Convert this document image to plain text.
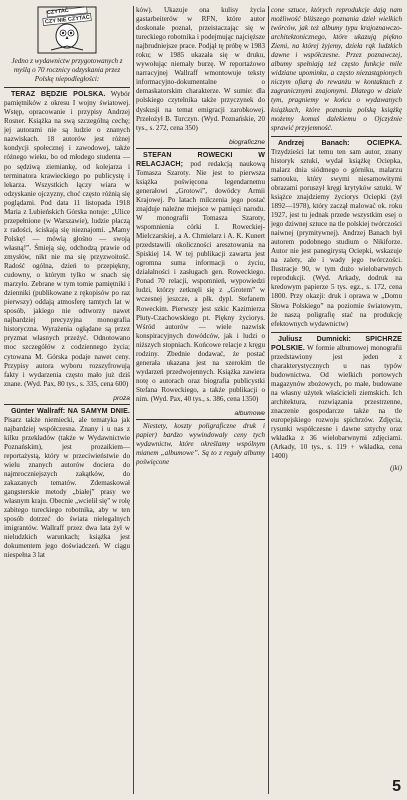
CZYTAĆ
CZY NIE CZYTAĆ

Jedno z wydawnictw przygotowanych z myślą o 70 rocznicy odzyskania przez Polskę niepodległości:

TERAZ BĘDZIE POLSKA. Wybór pamiętników z okresu I wojny światowej. Wstęp, opracowanie i przypisy Andrzej Rosner. Książka na swą szczególną cechę; jej autorami nie są ludzie o znanych nazwiskach. 18 autorów jest różnej kondycji społecznej i zawodowej, także różnego wieku, bo od młodego studenta — po sędziwą ziemiankę, od kolejarza i terminatora krawieckiego po publicystę i lekarza. Wszystkich łączy wiara w odzyskanie ojczyzny, choć często różnią się poglądami. Pod data 11 listopada 1918 Maria z Lubieńskich Górska notuje: „Ulice przepełnione (w Warszawie), ludzie płaczą z radości, ściskają się nieznajomi. „Mamy Polskę! — mówią głośno — swoją własną!”. Śmieją się, odchodzą prawie od zmysłów, nikt nie ma się przyzwoitość. Radość ogólna, dzień to przepiękny, cudowny, o którym tylko w snach się marzyło. Zebrane w tym tomie pamiętniki i dzienniki (publikowane z rękopisów po raz pierwszy) oddają atmosferę tamtych lat w sposób, jakiego nie odtworzy nawet najbardziej precyzyjna monografia historyczna. Wyrażenia ogłądane są przez pryzmat własnych przeżyć. Odnotowano moc szczegółów z codziennego życia; cytowana M. Górska podaje nawet ceny. Przypisy autora wyboru rozszyfrowują fakty i wydarzenia często mało już dziś znane. (Wyd. Pax, 80 tys., s. 335, cena 600)

proza

Günter Wallraff: NA SAMYM DNIE. Pisarz także niemiecki, ale tematyka jak najbardziej współczesna. Znany i u nas z kilku przekładów (także w Wydawnictwie Poznańskim), jest prozaikiem—reportażystą, który w przeciwieństwie do wielu znanych autorów dociera do najmroczniejszych zakątków, do zakazanych tematów. Zdemaskował gangsterskie metody „białej” prasy we własnym kraju. Obecnie „wcielił się” w rolę zabitego tureckiego robotnika, aby w ten sposób dotrzeć do świata nielegalnych imigrantów. Wallraff przez dwa lata żył w nieludzkich warunkach; książka jest dokumentem jego doświadczeń. W ciągu niespełna 3 lat

ków). Ukazuje ona kulisy życia gastarbeiterów w RFN, które autor doskonale poznał, przeistaczając się w tureckiego robotnika i podejmując najcięższe najbrudniejsze prace. Podjął tę próbę w 1983 roku; w 1985 ukazała się w druku, wywołując niemały burzę. W reportażowo narracyjnej Wallraff wmontowuje teksty informacyjno-dokumentalne o demaskatorskim charakterze. W sumie: dla polskiego czytelnika także przyczynek do dyskusji na temat emigracji zarobkowej. Przełożył B. Turczyn. (Wyd. Poznańskie, 20 tys., s. 272, cena 350)

biograficzne

STEFAN ROWECKI	W RELACJACH; pod redakcją naukową Tomasza Szaroty. Nie jest to pierwsza książka poświęcona legendarnemu generałowi „Grotowi”, dowódcy Armii Krajowej. Po latach milczenia jego postać znajduje należne miejsce w pamięci narodu. W monografii Tomasza Szaroty, wspomnienia córki I. Roweckiej-Mielczarskiej, a A. Chmielarz i A. K. Kunert przedstawili okoliczności aresztowania na Spiskiej 14. W tej publikacji zawarta jest ogromna suma informacji o życiu, działalności i zasługach gen. Roweckiego. Ponad 70 relacji, wspomnień, wypowiedzi ludzi, którzy zetknęli się z „Grotem” w wczesnej jeszcze, a płk. dypl. Stefanem Roweckim. Pierwszy jest szkic Kazimierza Pluty-Czachowskiego pt. Piękny życiorys. Wśród autorów — wiele nazwisk konspiracyjnych dowódców, jak i ludzi o niższych stopniach. Końcowe relacje z kręgu rodziny. Zbednie dodawać, że postać generała ukazana jest na szerokim tle wydarzeń przedwojennych. Książka zawiera notę o autorach oraz biografia publicystki Stefana Roweckiego, a także publikacji o nim. (Wyd. Pax, 40 tys., s. 386, cena 1350)

albumowe

Niestety, koszty poligraficzne druk i papier) bardzo wywindowały ceny tych wydawnictw, które określamy wspólnym mianem „albumowe”. Są to z reguły albumy poświęcone

cone sztuce, których reprodukcje dają nam możliwość bliższego poznania dzieł wielkich twórców, jak też albumy typu krajoznawczo-architektonicznego, które ukazują piękno Ziemi, na której żyjemy, dzieła rąk ludzkich dawne i współczesne. Przez poznawczej, albumy spełniają też często funkcje mile widziane upominku, a często niezastąpionych niczym ofiarą do rewanżu w kontaktach z zagranicznymi znajomymi. Dlatego w dziale tym, pragniemy w końcu o wydawanych książkach, które poznaniu polską książkę możemy komuś dalekiemu o Ojczyźnie sprawić przyjemność.

Andrzej Banach: OCIEPKA. Trzydzieści lat temu ten sam autor, znany historyk sztuki, wydał książkę Ociepka, malarz dnia siódmego o górniku, malarzu samouku, który swymi niesamowitymi obrazami poruszył kręgi krytyków sztuki. W książce znajdziemy życiorys Ociepki (żył 1892—1978), który zaczął malować ok. roku 1927, jest tu jednak przede wszystkim esej o jego dziwnej sztuce na tle polskiej twórczości naiwnej (prymitywnej). Andrzej Banach był autorem podobnego studium o Nikiforze. Autor nie jest panegirystą Ociepki, wskazuje na zalety, ale i wady jego twórczości. Ilustracje 90, w tym dużo wielobarwnych reprodukcji. (Wyd. Arkady, dodruk na kredowym papierze 5 tys. egz., s. 172, cena 1800. Przy okazji: druk i oprawa w „Domu Słowa Polskiego” na poziomie światowym, że naszą poligrafię stać na produkcję efektownych wydawnictw)

Juliusz Dumnicki: SPICHRZE POLSKIE. W formie albumowej monografii przedstawiony jest jeden z charakterystycznych u nas typów budownictwa. Od wielkich portowych magazynów zbożowych, po małe, budowane na własny użytek właścicieli ziemskich. Ich architektura, rozwiązania przestrzenne, znaczenie gospodarcze także na tle europejskiego rozwoju spichrzów. Zdjęcia, rysunki współczesne i dawne sztychy oraz wkładka z 36 wielobarwnymi zdjęciami. (Arkady, 10 tys., s. 119 + wkładka, cena 1400)

(jki)
5
